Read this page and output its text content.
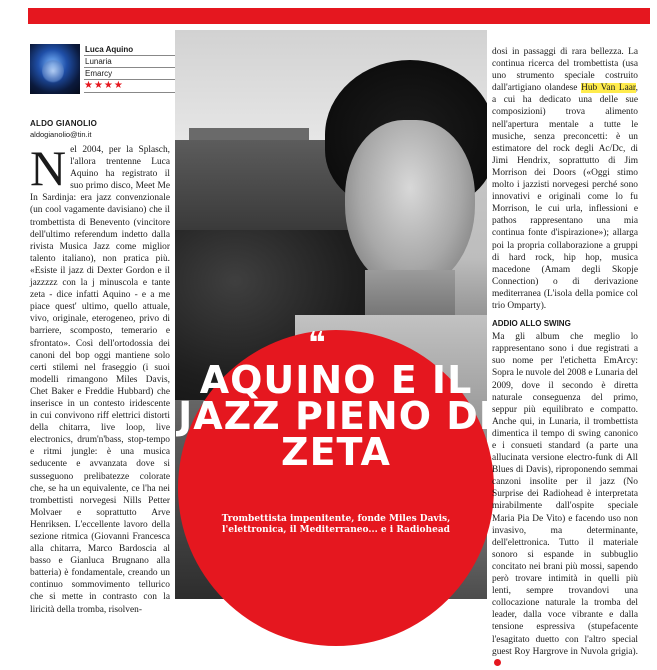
Luca Aquino
Lunaria
Emarcy
★★★★
ALDO GIANOLIO
aldogianolio@tin.it
❝
AQUINO E IL JAZZ PIENO DI ZETA
Trombettista impenitente, fonde Miles Davis, l'elettronica, il Mediterraneo... e i Radiohead
N el 2004, per la Splasch, l'allora trentenne Luca Aquino ha registrato il suo primo disco, Meet Me In Sardinja: era jazz convenzionale (un cool vagamente davisiano) che il trombettista di Benevento (vincitore dell'ultimo referendum indetto dalla rivista Musica Jazz come miglior talento italiano), non pratica più. «Esiste il jazz di Dexter Gordon e il jazzzzz con la j minuscola e tante zeta - dice infatti Aquino - e a me piace quest' ultimo, quello attuale, vivo, originale, eterogeneo, privo di barriere, scomposto, temerario e sfrontato». Così dell'ortodossia dei canoni del bop oggi mantiene solo certi stilemi nel fraseggio (i suoi modelli rimangono Miles Davis, Chet Baker e Freddie Hubbard) che inserisce in un contesto iridescente in cui convivono riff elettrici distorti della chitarra, live loop, live electronics, drum'n'bass, stop-tempo e ritmi jungle: è una musica seducente e avvanzata dove si susseguono prelibatezze colorate che, se ha un equivalente, ce l'ha nei trombettisti norvegesi Nills Petter Molvaer e soprattutto Arve Henriksen. L'eccellente lavoro della sezione ritmica (Giovanni Francesca alla chitarra, Marco Bardoscia al basso e Gianluca Brugnano alla batteria) è fondamentale, creando un continuo sommovimento tellurico che si mette in contrasto con la liricità della tromba, risolven-

dosi in passaggi di rara bellezza. La continua ricerca del trombettista (usa uno strumento speciale costruito dall'artigiano olandese Hub Van Laar, a cui ha dedicato una delle sue composizioni) trova alimento nell'apertura mentale a tutte le musiche, senza preconcetti: è un estimatore del rock degli Ac/Dc, di Jimi Hendrix, soprattutto di Jim Morrison dei Doors («Oggi stimo molto i jazzisti norvegesi perché sono innovativi e originali come lo fu Morrison, le cui urla, inflessioni e pathos rappresentano una mia continua fonte d'ispirazione»); allarga poi la propria collaborazione a gruppi di hard rock, hip hop, musica macedone (Amam degli Skopje Connection) o di derivazione mediterranea (L'isola della pomice col trio Omparty).

ADDIO ALLO SWING

Ma gli album che meglio lo rappresentano sono i due registrati a suo nome per l'etichetta EmArcy: Sopra le nuvole del 2008 e Lunaria del 2009, dove il secondo è diretta naturale conseguenza del primo, seppur più equilibrato e compatto. Anche qui, in Lunaria, il trombettista dimentica il tempo di swing canonico e i consueti standard (a parte una allucinata versione electro-funk di All Blues di Davis), riproponendo semmai canzoni insolite per il jazz (No Surprise dei Radiohead è interpretata mirabilmente dall'ospite speciale Maria Pia De Vito) e facendo uso non invasivo, ma determinante, dell'elettronica. Tutto il materiale sonoro si espande in subbuglio concitato nei brani più mossi, sapendo però trovare intimità in quelli più lenti, sempre trovandovi una collocazione naturale la tromba del leader, dalla voce vibrante e dalla tensione espressiva (stupefacente l'esagitato duetto con l'altro special guest Roy Hargrove in Nuvola grigia).
